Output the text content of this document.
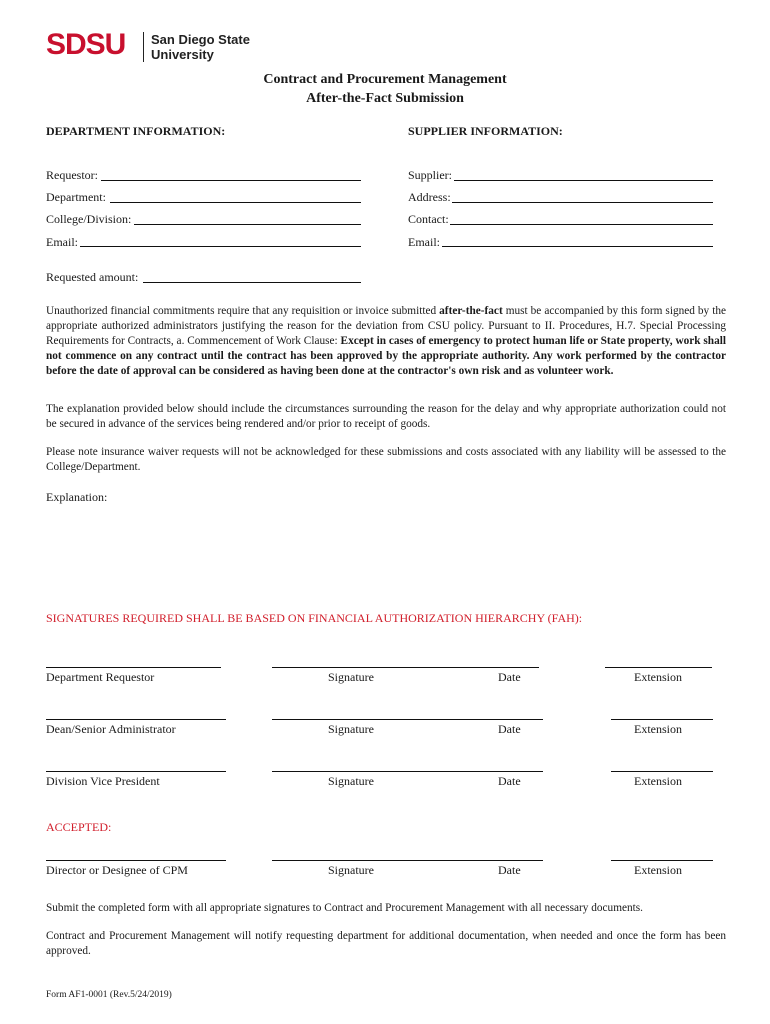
SDSU San Diego State
University
Contract and Procurement Management
After-the-Fact Submission
DEPARTMENT INFORMATION:	SUPPLIER INFORMATION:
Requestor:
Department:
College/Division:
Email:
Supplier:
Address:
Contact:
Email:
Requested amount:
Unauthorized financial commitments require that any requisition or invoice submitted after-the-fact must be accompanied by this form signed by the appropriate authorized administrators justifying the reason for the deviation from CSU policy. Pursuant to II. Procedures, H.7. Special Processing Requirements for Contracts, a. Commencement of Work Clause: Except in cases of emergency to protect human life or State property, work shall not commence on any contract until the contract has been approved by the appropriate authority. Any work performed by the contractor before the date of approval can be considered as having been done at the contractor's own risk and as volunteer work.
The explanation provided below should include the circumstances surrounding the reason for the delay and why appropriate authorization could not be secured in advance of the services being rendered and/or prior to receipt of goods.
Please note insurance waiver requests will not be acknowledged for these submissions and costs associated with any liability will be assessed to the College/Department.
Explanation:
SIGNATURES REQUIRED SHALL BE BASED ON FINANCIAL AUTHORIZATION HIERARCHY (FAH):
Department Requestor	Signature	Date	Extension
Dean/Senior Administrator	Signature	Date	Extension
Division Vice President	Signature	Date	Extension
ACCEPTED:
Director or Designee of CPM	Signature	Date	Extension
Submit the completed form with all appropriate signatures to Contract and Procurement Management with all necessary documents.
Contract and Procurement Management will notify requesting department for additional documentation, when needed and once the form has been approved.
Form AF1-0001 (Rev.5/24/2019)
